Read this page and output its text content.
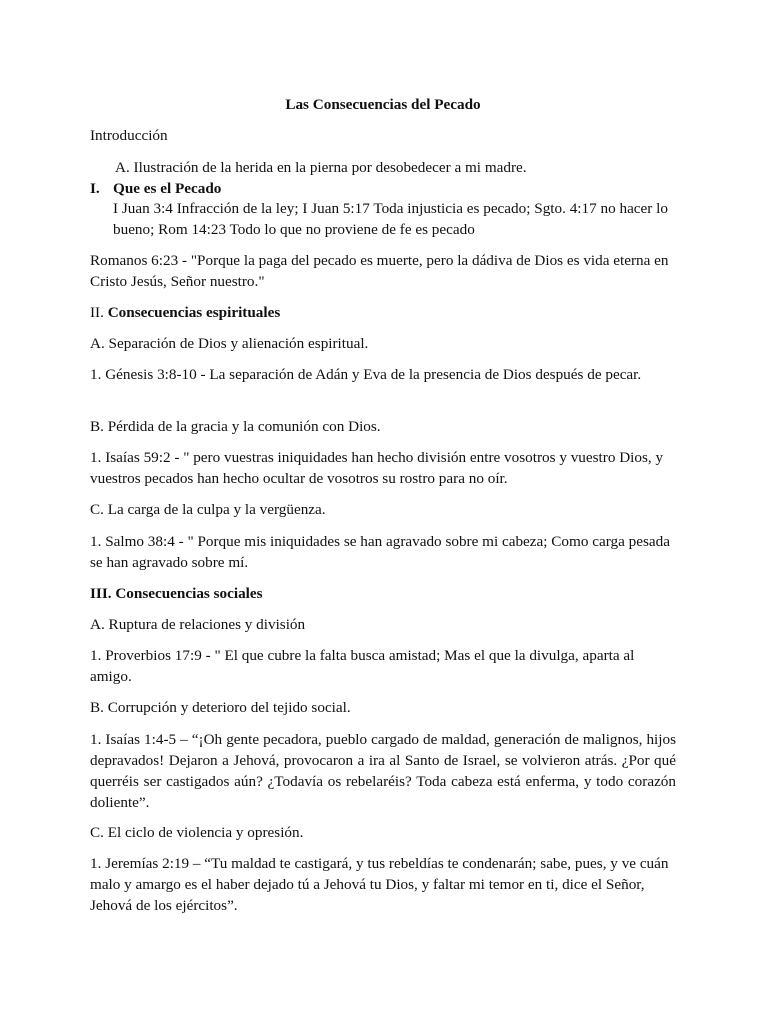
Las Consecuencias del Pecado
Introducción
A. Ilustración de la herida en la pierna por desobedecer a mi madre.
I. Que es el Pecado
I Juan 3:4 Infracción de la ley; I Juan 5:17 Toda injusticia es pecado; Sgto. 4:17 no hacer lo bueno; Rom 14:23 Todo lo que no proviene de fe es pecado
Romanos 6:23 - "Porque la paga del pecado es muerte, pero la dádiva de Dios es vida eterna en Cristo Jesús, Señor nuestro."
II. Consecuencias espirituales
A. Separación de Dios y alienación espiritual.
1. Génesis 3:8-10 - La separación de Adán y Eva de la presencia de Dios después de pecar.
B. Pérdida de la gracia y la comunión con Dios.
1. Isaías 59:2 - " pero vuestras iniquidades han hecho división entre vosotros y vuestro Dios, y vuestros pecados han hecho ocultar de vosotros su rostro para no oír.
C. La carga de la culpa y la vergüenza.
1. Salmo 38:4 - " Porque mis iniquidades se han agravado sobre mi cabeza; Como carga pesada se han agravado sobre mí.
III. Consecuencias sociales
A. Ruptura de relaciones y división
1. Proverbios 17:9 - " El que cubre la falta busca amistad; Mas el que la divulga, aparta al amigo.
B. Corrupción y deterioro del tejido social.
1. Isaías 1:4-5 – “¡Oh gente pecadora, pueblo cargado de maldad, generación de malignos, hijos depravados! Dejaron a Jehová, provocaron a ira al Santo de Israel, se volvieron atrás. ¿Por qué querréis ser castigados aún? ¿Todavía os rebelaréis? Toda cabeza está enferma, y todo corazón doliente”.
C. El ciclo de violencia y opresión.
1. Jeremías 2:19 – “Tu maldad te castigará, y tus rebeldías te condenarán; sabe, pues, y ve cuán malo y amargo es el haber dejado tú a Jehová tu Dios, y faltar mi temor en ti, dice el Señor, Jehová de los ejércitos”.
